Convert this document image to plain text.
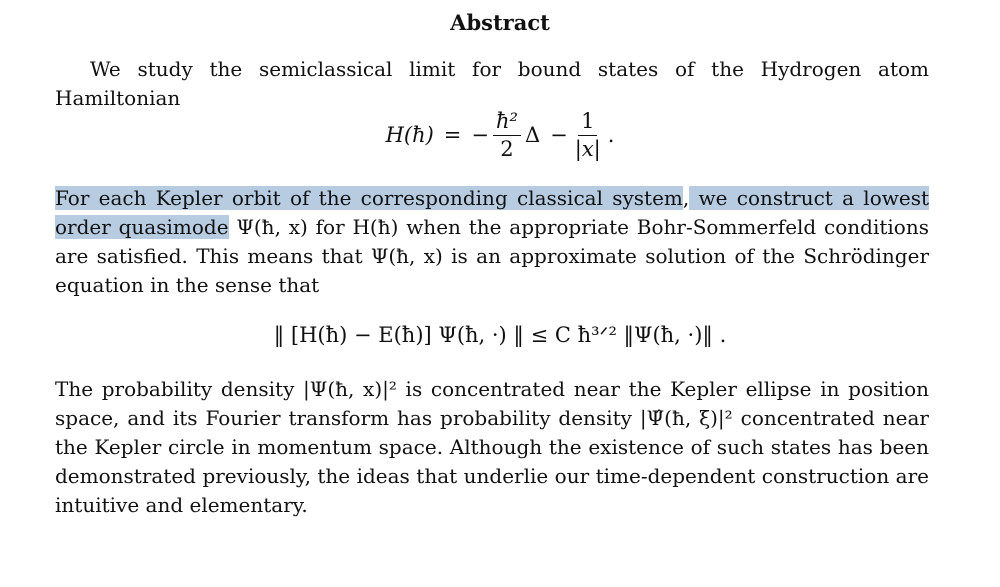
Abstract
We study the semiclassical limit for bound states of the Hydrogen atom Hamiltonian
H(ħ) = − $\frac{\text{ħ²}}{2}$ $\Delta - \frac{1}{|x|}$ .
For each Kepler orbit of the corresponding classical system, we construct a lowest order quasimode Ψ(ħ, x) for H(ħ) when the appropriate Bohr-Sommerfeld conditions are satisfied. This means that Ψ(ħ, x) is an approximate solution of the Schrödinger equation in the sense that
‖ [H(ħ) − E(ħ)] Ψ(ħ, ·) ‖ ≤ C ħ³ᐟ² ‖Ψ(ħ, ·)‖ .
The probability density |Ψ(ħ, x)|² is concentrated near the Kepler ellipse in position space, and its Fourier transform has probability density |Ψ̂(ħ, ξ)|² concentrated near the Kepler circle in momentum space. Although the existence of such states has been demonstrated previously, the ideas that underlie our time-dependent construction are intuitive and elementary.
